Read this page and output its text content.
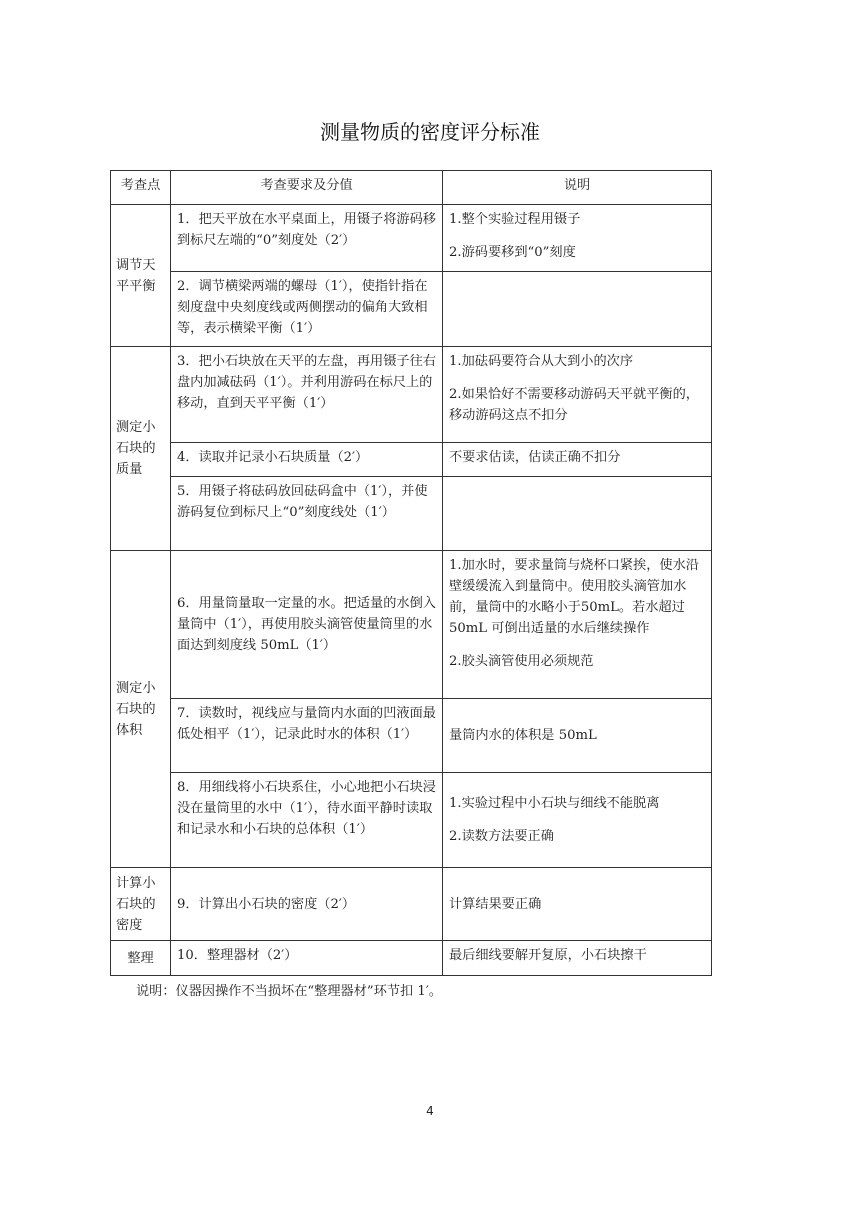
测量物质的密度评分标准
考查点	考查要求及分值	说明
调节天平平衡	1．把天平放在水平桌面上，用镊子将游码移到标尺左端的“0”刻度处（2′）	1.整个实验过程用镊子

2.游码要移到“0”刻度

	2．调节横梁两端的螺母（1′），使指针指在刻度盘中央刻度线或两侧摆动的偏角大致相等，表示横梁平衡（1′）	
测定小石块的质量	3．把小石块放在天平的左盘，再用镊子往右盘内加减砝码（1′）。并利用游码在标尺上的移动，直到天平平衡（1′）	1.加砝码要符合从大到小的次序

2.如果恰好不需要移动游码天平就平衡的，移动游码这点不扣分

	4．读取并记录小石块质量（2′）	不要求估读，估读正确不扣分

	5．用镊子将砝码放回砝码盒中（1′），并使游码复位到标尺上“0”刻度线处（1′）	
测定小石块的体积	6．用量筒量取一定量的水。把适量的水倒入量筒中（1′），再使用胶头滴管使量筒里的水面达到刻度线 50mL（1′）	1.加水时，要求量筒与烧杯口紧挨，使水沿壁缓缓流入到量筒中。使用胶头滴管加水前，量筒中的水略小于50mL。若水超过 50mL 可倒出适量的水后继续操作

2.胶头滴管使用必须规范

	7．读数时，视线应与量筒内水面的凹液面最低处相平（1′），记录此时水的体积（1′）	量筒内水的体积是 50mL

	8．用细线将小石块系住，小心地把小石块浸没在量筒里的水中（1′），待水面平静时读取和记录水和小石块的总体积（1′）	1.实验过程中小石块与细线不能脱离

2.读数方法要正确

计算小石块的密度	9．计算出小石块的密度（2′）	计算结果要正确

整理	10．整理器材（2′）	最后细线要解开复原，小石块擦干

说明：仪器因操作不当损坏在“整理器材”环节扣 1′。
4
